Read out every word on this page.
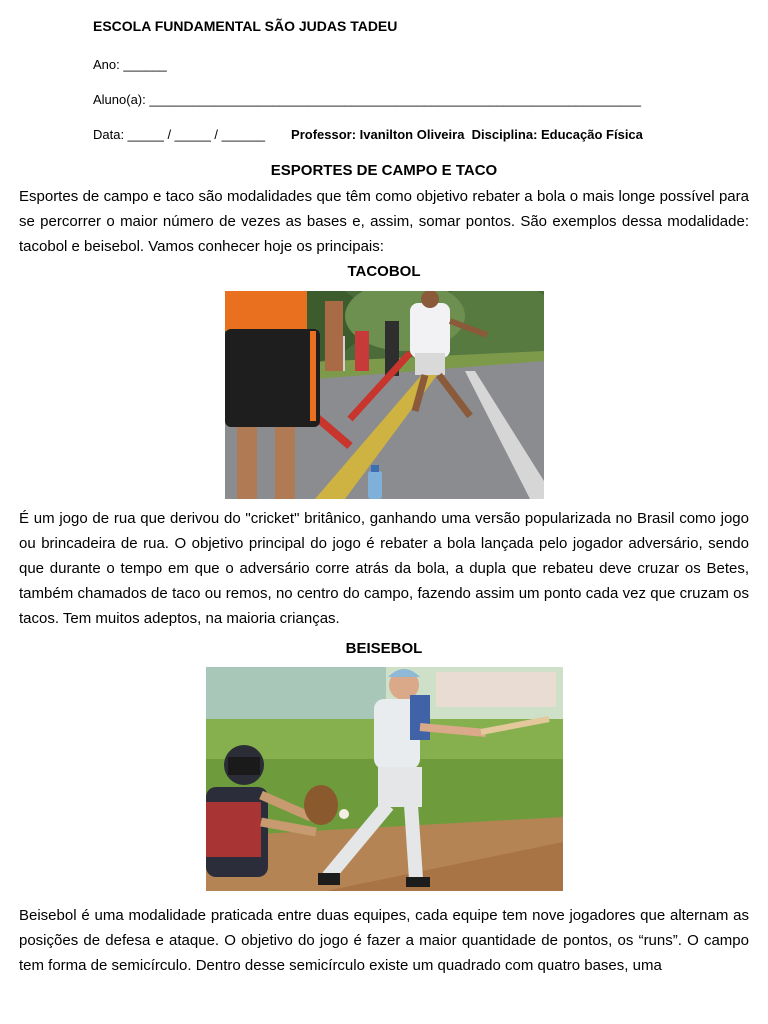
ESCOLA FUNDAMENTAL SÃO JUDAS TADEU
Ano: ______
Aluno(a): ____________________________________________________________________
Data: _____ / _____ / ______ Professor: Ivanilton Oliveira  Disciplina: Educação Física
ESPORTES DE CAMPO E TACO

Esportes de campo e taco são modalidades que têm como objetivo rebater a bola o mais longe possível para se percorrer o maior número de vezes as bases e, assim, somar pontos. São exemplos dessa modalidade: tacobol e beisebol. Vamos conhecer hoje os principais:

TACOBOL

É um jogo de rua que derivou do "cricket" britânico, ganhando uma versão popularizada no Brasil como jogo ou brincadeira de rua. O objetivo principal do jogo é rebater a bola lançada pelo jogador adversário, sendo que durante o tempo em que o adversário corre atrás da bola, a dupla que rebateu deve cruzar os Betes, também chamados de taco ou remos, no centro do campo, fazendo assim um ponto cada vez que cruzam os tacos. Tem muitos adeptos, na maioria crianças.

BEISEBOL

Beisebol é uma modalidade praticada entre duas equipes, cada equipe tem nove jogadores que alternam as posições de defesa e ataque. O objetivo do jogo é fazer a maior quantidade de pontos, os “runs”. O campo tem forma de semicírculo. Dentro desse semicírculo existe um quadrado com quatro bases, uma
